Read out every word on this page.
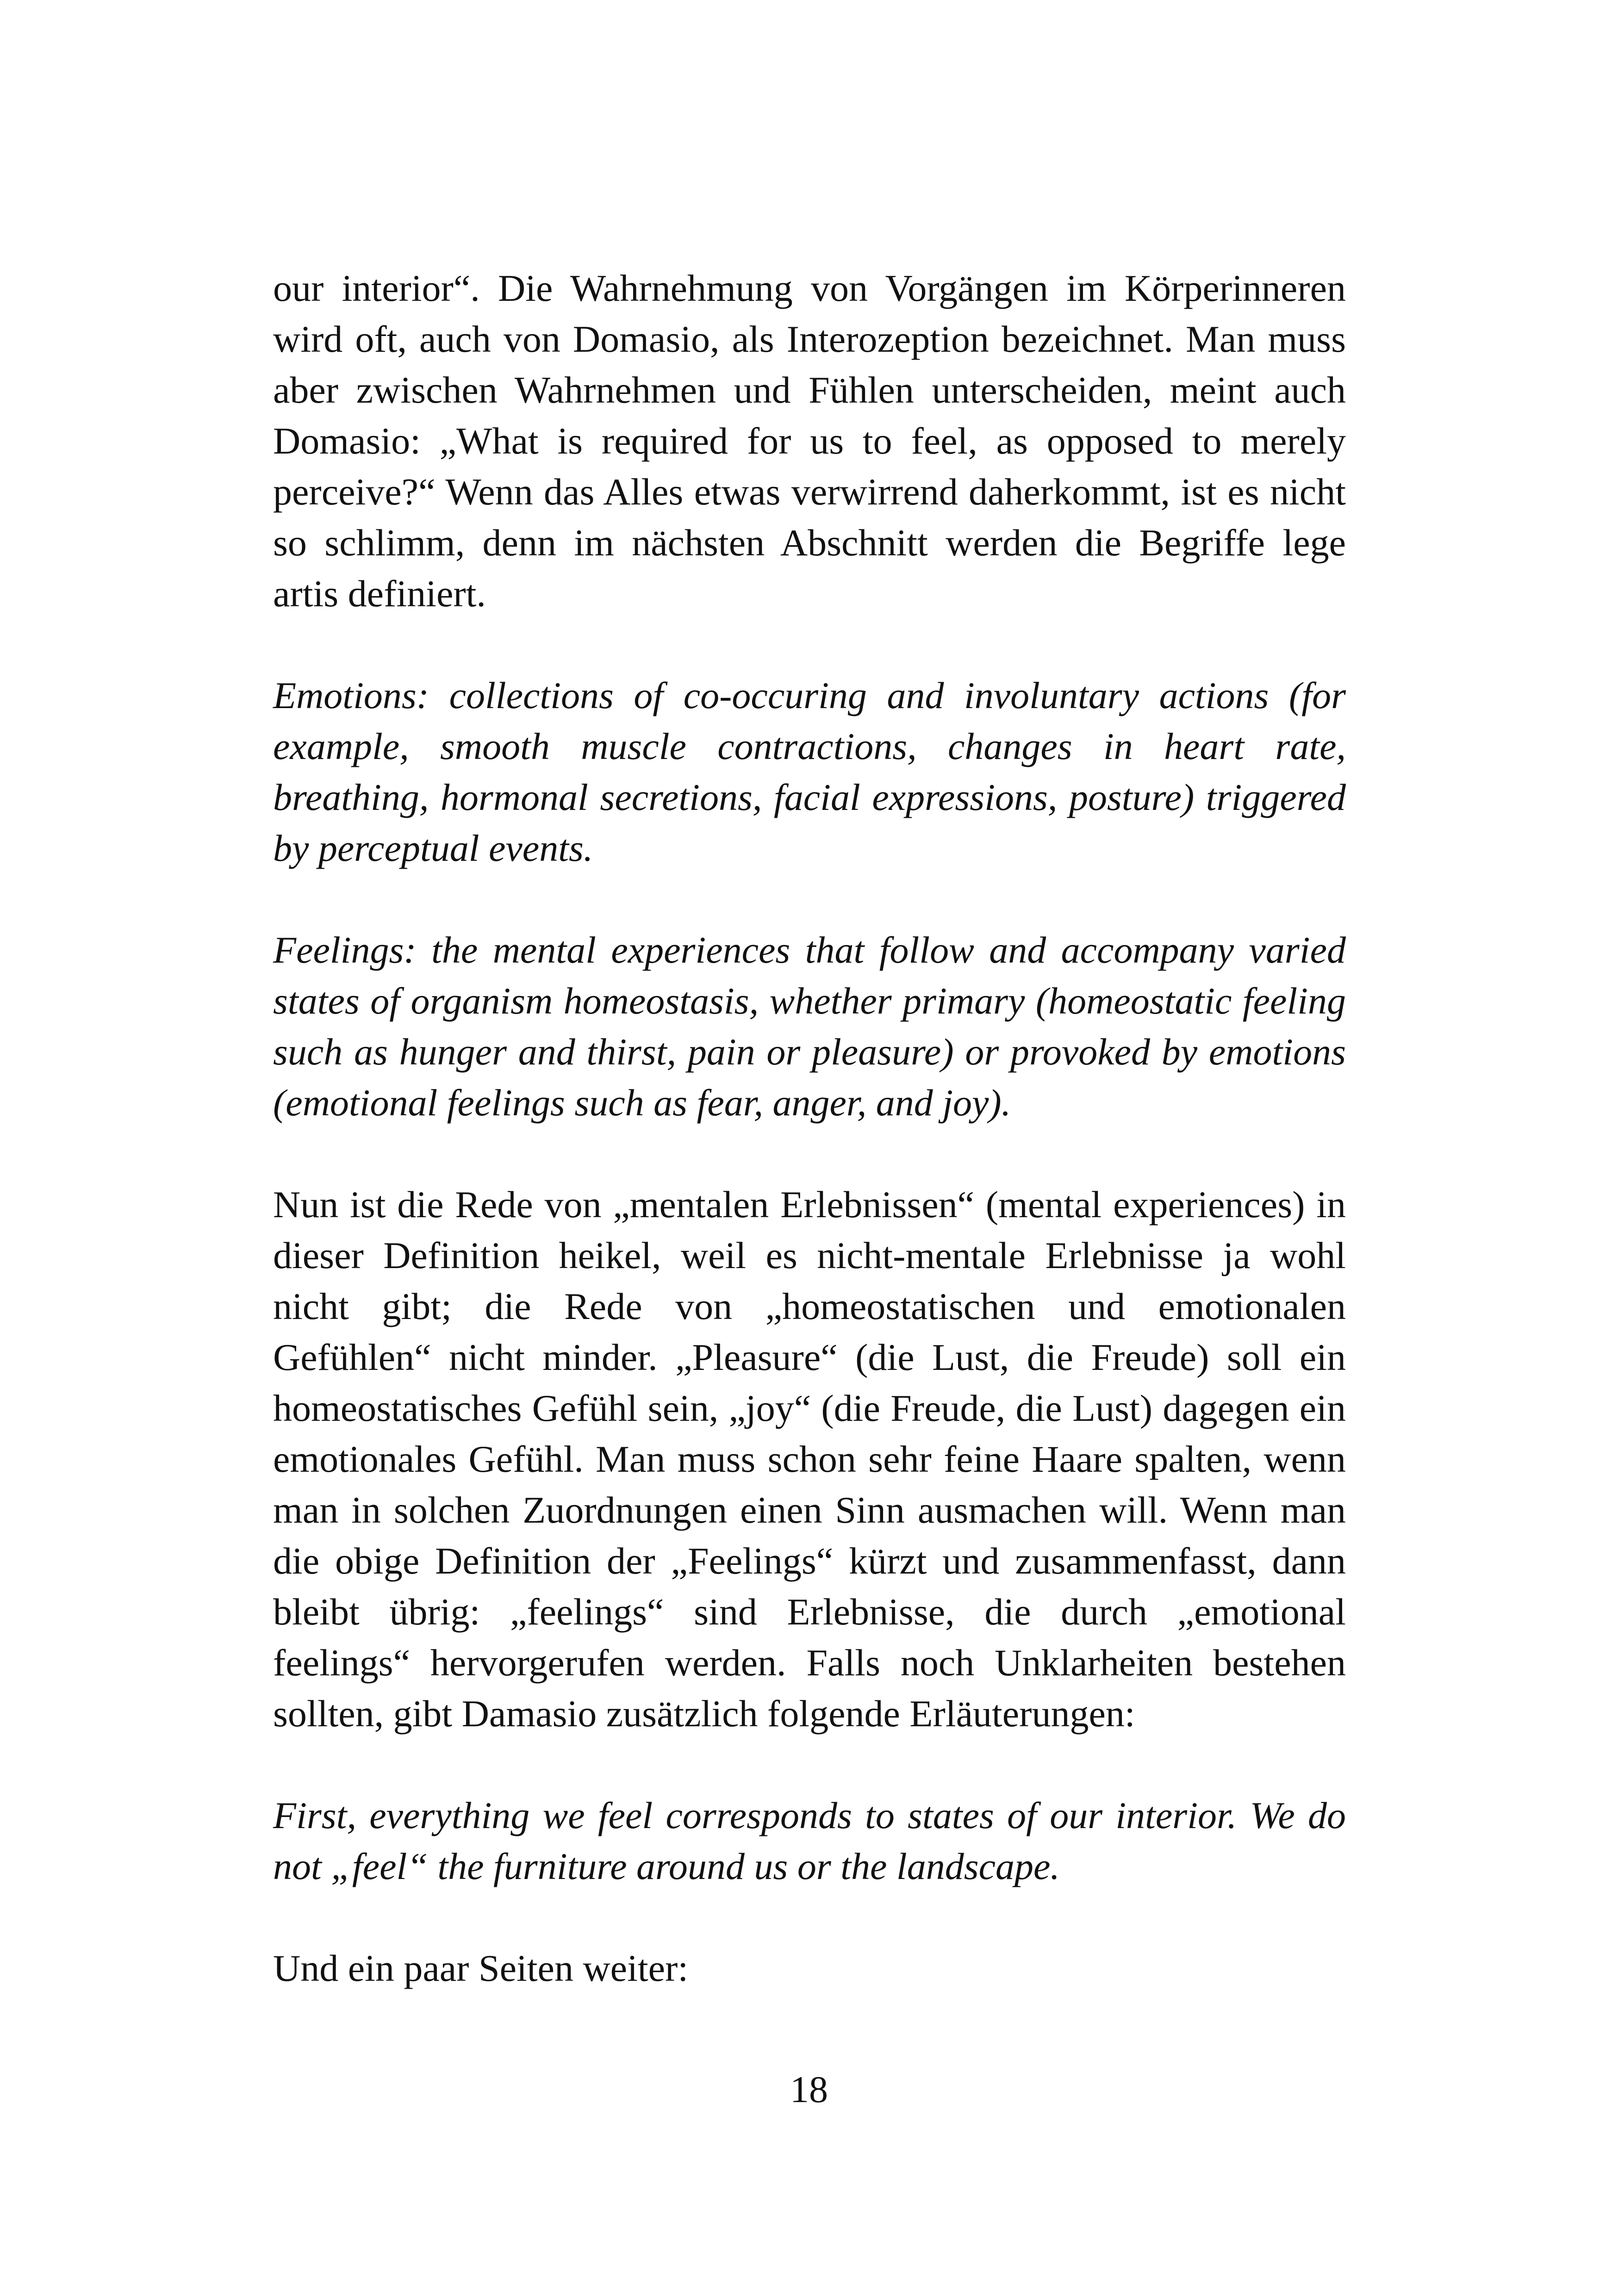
our interior“. Die Wahrnehmung von Vorgängen im Körperinneren wird oft, auch von Domasio, als Interozeption bezeichnet. Man muss aber zwischen Wahrnehmen und Fühlen unterscheiden, meint auch Domasio: „What is required for us to feel, as opposed to merely perceive?“ Wenn das Alles etwas verwirrend daherkommt, ist es nicht so schlimm, denn im nächsten Abschnitt werden die Begriffe lege artis definiert.

Emotions: collections of co-occuring and involuntary actions (for example, smooth muscle contractions, changes in heart rate, breathing, hormonal secretions, facial expressions, posture) triggered by perceptual events.

Feelings: the mental experiences that follow and accompany varied states of organism homeostasis, whether primary (homeostatic feeling such as hunger and thirst, pain or pleasure) or provoked by emotions (emotional feelings such as fear, anger, and joy).

Nun ist die Rede von „mentalen Erlebnissen“ (mental experiences) in dieser Definition heikel, weil es nicht-mentale Erlebnisse ja wohl nicht gibt; die Rede von „homeostatischen und emotionalen Gefühlen“ nicht minder. „Pleasure“ (die Lust, die Freude) soll ein homeostatisches Gefühl sein, „joy“ (die Freude, die Lust) dagegen ein emotionales Gefühl. Man muss schon sehr feine Haare spalten, wenn man in solchen Zuordnungen einen Sinn ausmachen will. Wenn man die obige Definition der „Feelings“ kürzt und zusammenfasst, dann bleibt übrig: „feelings“ sind Erlebnisse, die durch „emotional feelings“ hervorgerufen werden. Falls noch Unklarheiten bestehen sollten, gibt Damasio zusätzlich folgende Erläuterungen:

First, everything we feel corresponds to states of our interior. We do not „feel“ the furniture around us or the landscape.

Und ein paar Seiten weiter:

18
